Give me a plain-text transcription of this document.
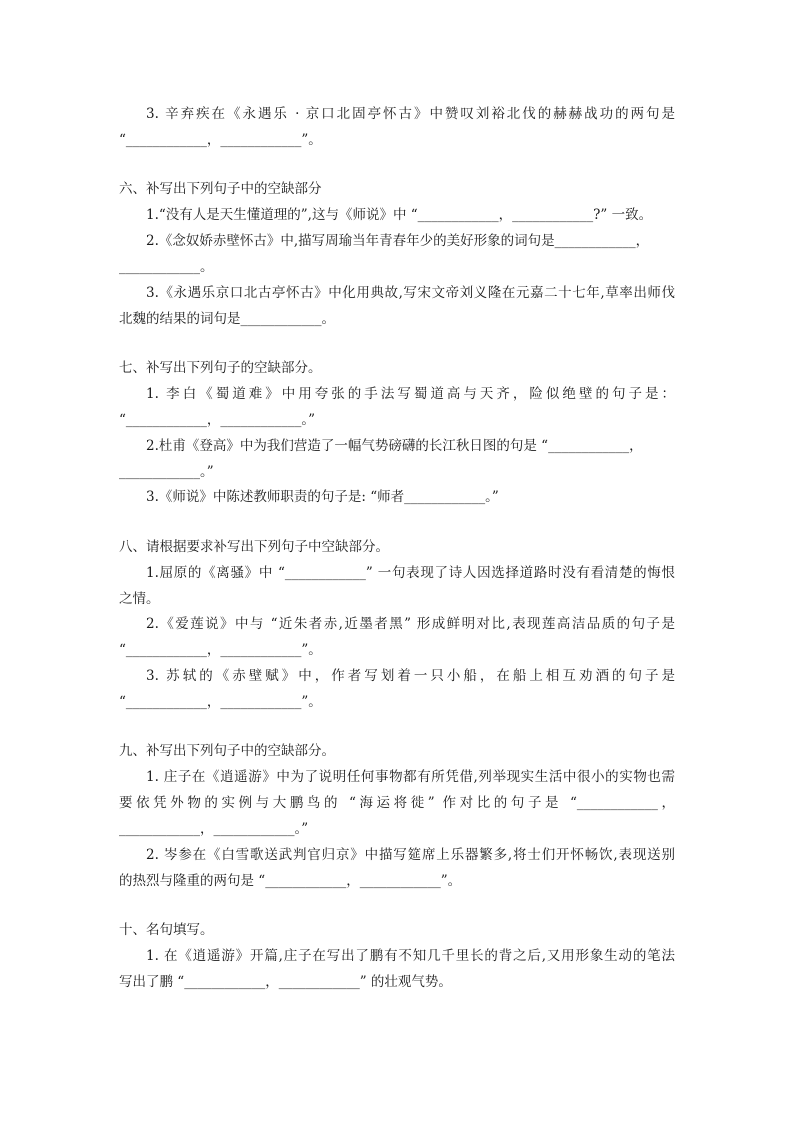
3. 辛弃疾在《永遇乐 · 京口北固亭怀古》中赞叹刘裕北伐的赫赫战功的两句是
“____________，____________”。
六、补写出下列句子中的空缺部分
1.“没有人是天生懂道理的”,这与《师说》中 “____________，____________?” 一致。
2.《念奴娇赤壁怀古》中,描写周瑜当年青春年少的美好形象的词句是____________，
____________。
3.《永遇乐京口北古亭怀古》中化用典故,写宋文帝刘义隆在元嘉二十七年,草率出师伐
北魏的结果的词句是____________。
七、补写出下列句子的空缺部分。
1. 李白《蜀道难》中用夸张的手法写蜀道高与天齐，险似绝壁的句子是：
“____________，____________。”
2.杜甫《登高》中为我们营造了一幅气势磅礴的长江秋日图的句是 “____________，
____________。”
3.《师说》中陈述教师职责的句子是: “师者____________。”
八、请根据要求补写出下列句子中空缺部分。
1.屈原的《离骚》中 “____________” 一句表现了诗人因选择道路时没有看清楚的悔恨
之情。
2.《爱莲说》中与 “近朱者赤,近墨者黑” 形成鲜明对比,表现莲高洁品质的句子是
“____________，____________”。
3. 苏轼的《赤壁赋》中，作者写划着一只小船，在船上相互劝酒的句子是
“____________，____________”。
九、补写出下列句子中的空缺部分。
1. 庄子在《逍遥游》中为了说明任何事物都有所凭借,列举现实生活中很小的实物也需
要依凭外物的实例与大鹏鸟的 “海运将徙” 作对比的句子是 “____________，
____________，____________。”
2. 岑参在《白雪歌送武判官归京》中描写筵席上乐器繁多,将士们开怀畅饮,表现送别
的热烈与隆重的两句是 “____________，____________”。
十、名句填写。
1. 在《逍遥游》开篇,庄子在写出了鹏有不知几千里长的背之后,又用形象生动的笔法
写出了鹏 “____________，____________” 的壮观气势。
